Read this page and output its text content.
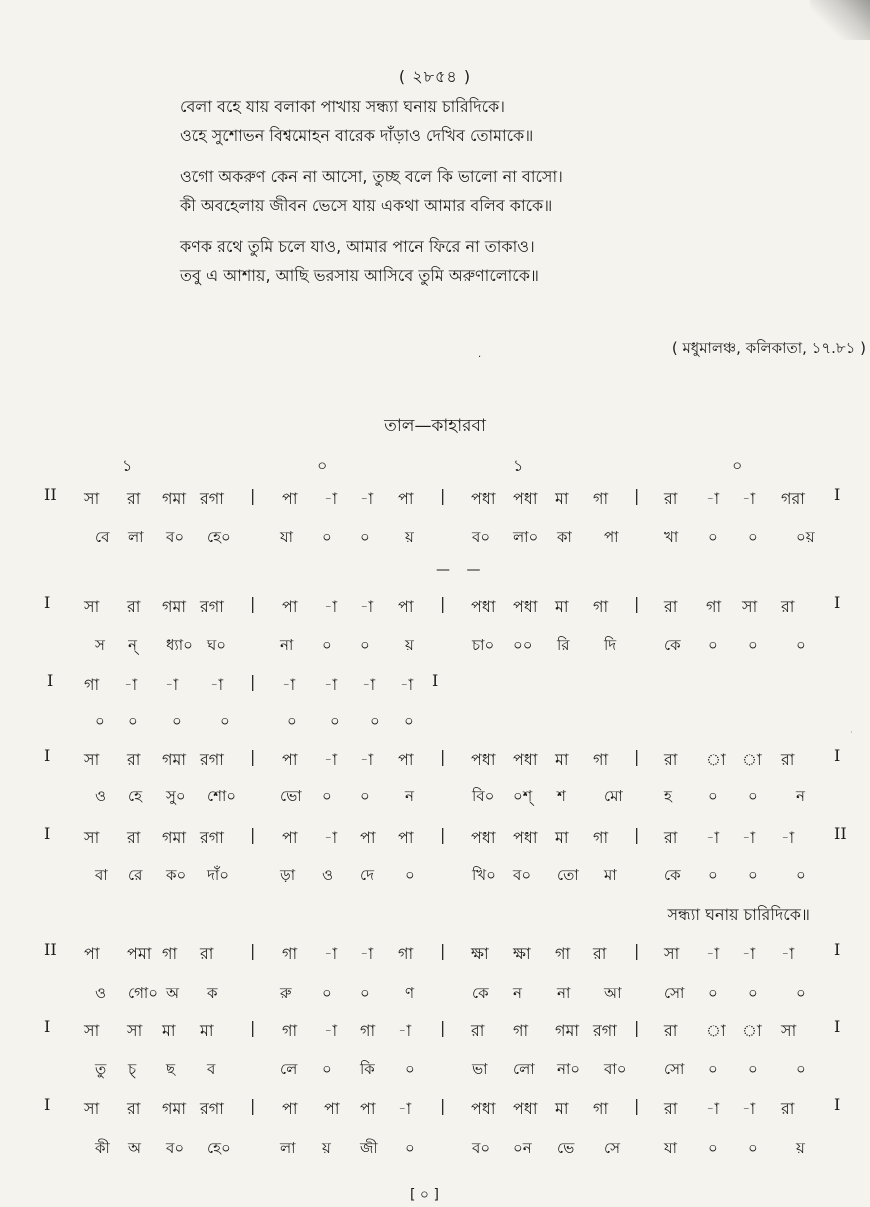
( ২৮৫৪ )
বেলা বহে যায় বলাকা পাখায় সন্ধ্যা ঘনায় চারিদিকে।
ওহে সুশোভন বিশ্বমোহন বারেক দাঁড়াও দেখিব তোমাকে॥
ওগো অকরুণ কেন না আসো, তুচ্ছ বলে কি ভালো না বাসো।
কী অবহেলায় জীবন ভেসে যায় একথা আমার বলিব কাকে॥
কণক রথে তুমি চলে যাও, আমার পানে ফিরে না তাকাও।
তবু এ আশায়, আছি ভরসায় আসিবে তুমি অরুণালোকে॥
( মধুমালঞ্চ, কলিকাতা, ১৭.৮১ )
·
তাল—কাহারবা
১	০	১	০
II সা রা গমা রগা | পা -া -া পা | পধা পধা মা গা | রা -া -া গরা I
বে লা ব০ হে০	যা ০ ০ য়	ব০ লা০ কা পা	খা ০ ০	০য়
I সা রা গমা রগা | পা -া -া পা | পধা পধা মা গা | রা গা সা রা I
স ন্ ধ্যা০ ঘ০	না ০ ০ য়	চা০ ০০ রি দি	কে ০ ০	০
I গা -া -া -া | -া -া -া -া I
০ ০ ০	০	০ ০ ০ ০
I সা রা গমা রগা | পা -া -া পা | পধা পধা মা গা | রা া া রা I
ও হে সু০ শো০	ভো ০ ০ ন	বি০ ০শ্ শ	মো	হ ০ ০	ন
I সা রা গমা রগা | পা -া পা পা | পধা পধা মা গা | রা -া -া -া II
বা রে ক০ দাঁ০	ড়া ও দে ০	খি০ ব০ তো মা	কে ০ ০	০
II পা পমা গা রা | গা -া -া গা | ক্ষা ক্ষা গা রা | সা -া -া -া I
ও গো০ অ ক	রু ০ ০ ণ	কে ন না আ	সো ০ ০	০
I সা সা মা মা | গা -া গা -া | রা গা গমা রগা | রা া া সা I
তু চ্ ছ ব	লে ০ কি ০	ভা লো না০ বা০	সো ০ ০	০
I সা রা গমা রগা | পা পা পা -া | পধা পধা মা গা | রা -া -া রা I
কী অ ব০ হে০	লা য় জী ০	ব০ ০ন ভে সে	যা ০ ০	য়
— —
সন্ধ্যা ঘনায় চারিদিকে॥
·
[ ০ ]
